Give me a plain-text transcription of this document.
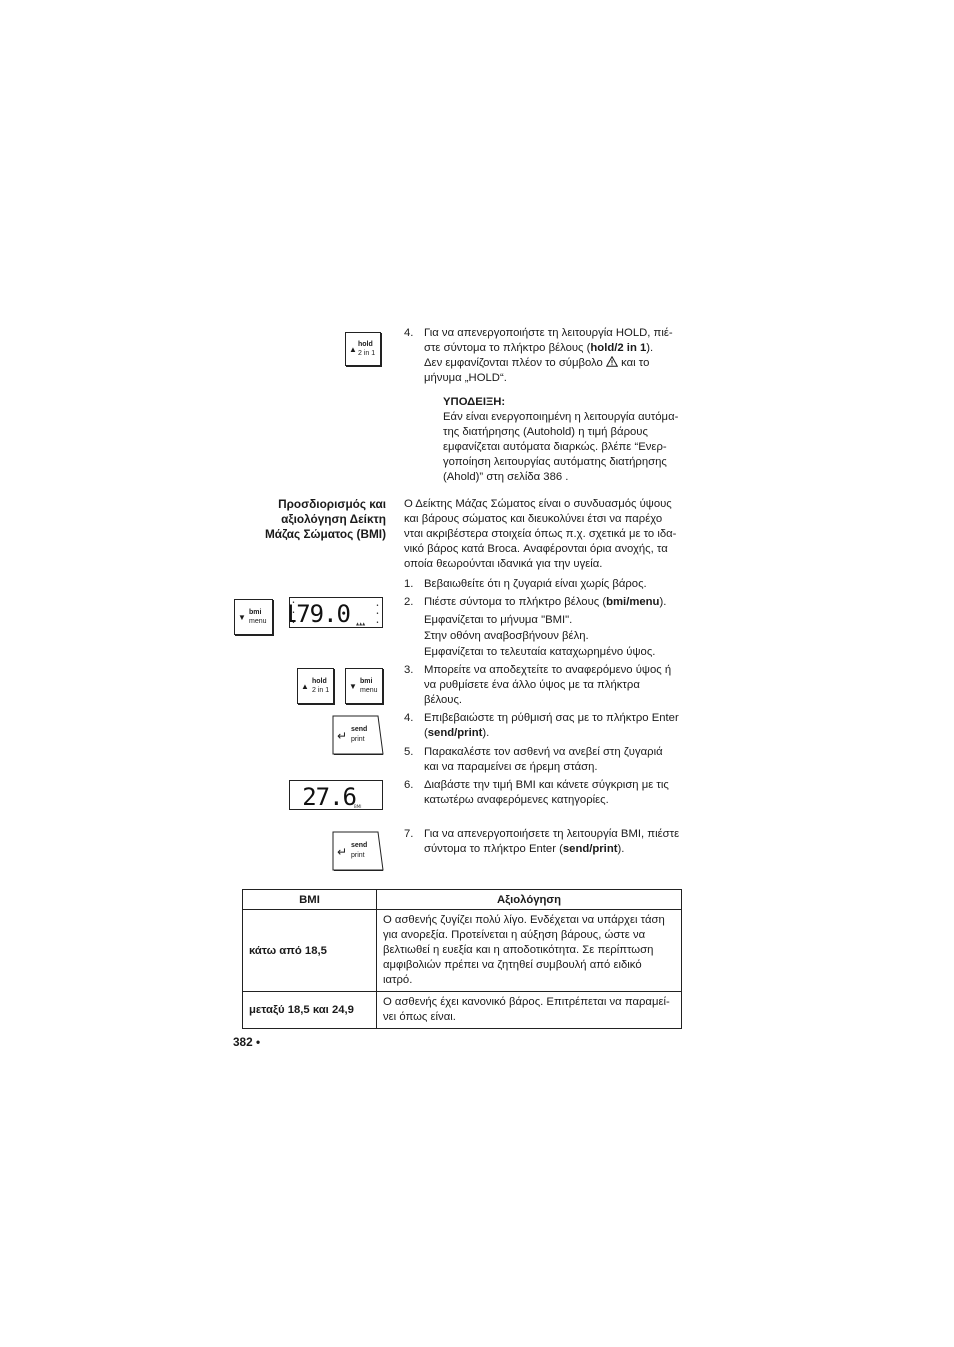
▲
hold
2 in 1
4. Για να απενεργοποιήστε τη λειτουργία HOLD, πιέ-
στε σύντομα το πλήκτρο βέλους (hold/2 in 1).
Δεν εμφανίζονται πλέον το σύμβολο  και το
μήνυμα „HOLD“.
ΥΠΟΔΕΙΞΗ:
Εάν είναι ενεργοποιημένη η λειτουργία αυτόμα-
της διατήρησης (Autohold) η τιμή βάρους
εμφανίζεται αυτόματα διαρκώς. βλέπε “Ενερ-
γοποίηση λειτουργίας αυτόματης διατήρησης
(Ahold)” στη σελίδα 386 .
Προσδιορισμός και
αξιολόγηση Δείκτη
Μάζας Σώματος (BMI)
Ο Δείκτης Μάζας Σώματος είναι ο συνδυασμός ύψους
και βάρους σώματος και διευκολύνει έτσι να παρέχο
νται ακριβέστερα στοιχεία όπως π.χ. σχετικά με το ιδα-
νικό βάρος κατά Broca. Αναφέρονται όρια ανοχής, τα
οποία θεωρούνται ιδανικά για την υγεία.
1. Βεβαιωθείτε ότι η ζυγαριά είναι χωρίς βάρος.
▼
bmi
menu
•
•
• 79.0 ▲▲▲
•
•
•
2. Πιέστε σύντομα το πλήκτρο βέλους (bmi/menu).
Εμφανίζεται το μήνυμα "BMI".
Στην οθόνη αναβοσβήνουν βέλη.
Εμφανίζεται το τελευταία καταχωρημένο ύψος.
▲
hold
2 in 1 ▼
bmi
menu
3. Μπορείτε να αποδεχτείτε το αναφερόμενο ύψος ή
να ρυθμίσετε ένα άλλο ύψος με τα πλήκτρα
βέλους.
↵ send
print
4. Επιβεβαιώστε τη ρύθμισή σας με το πλήκτρο Enter
(send/print).
5. Παρακαλέστε τον ασθενή να ανεβεί στη ζυγαριά
και να παραμείνει σε ήρεμη στάση.
27.6
BMI
6. Διαβάστε την τιμή BMI και κάνετε σύγκριση με τις
κατωτέρω αναφερόμενες κατηγορίες.
↵ send
print
7. Για να απενεργοποιήσετε τη λειτουργία BMI, πιέστε
σύντομα το πλήκτρο Enter (send/print).
BMI	Αξιολόγηση
κάτω από 18,5	Ο ασθενής ζυγίζει πολύ λίγο. Ενδέχεται να υπάρχει τάση
για ανορεξία. Προτείνεται η αύξηση βάρους, ώστε να
βελτιωθεί η ευεξία και η αποδοτικότητα. Σε περίπτωση
αμφιβολιών πρέπει να ζητηθεί συμβουλή από ειδικό
ιατρό.

μεταξύ 18,5 και 24,9	Ο ασθενής έχει κανονικό βάρος. Επιτρέπεται να παραμεί-
νει όπως είναι.
382 •
